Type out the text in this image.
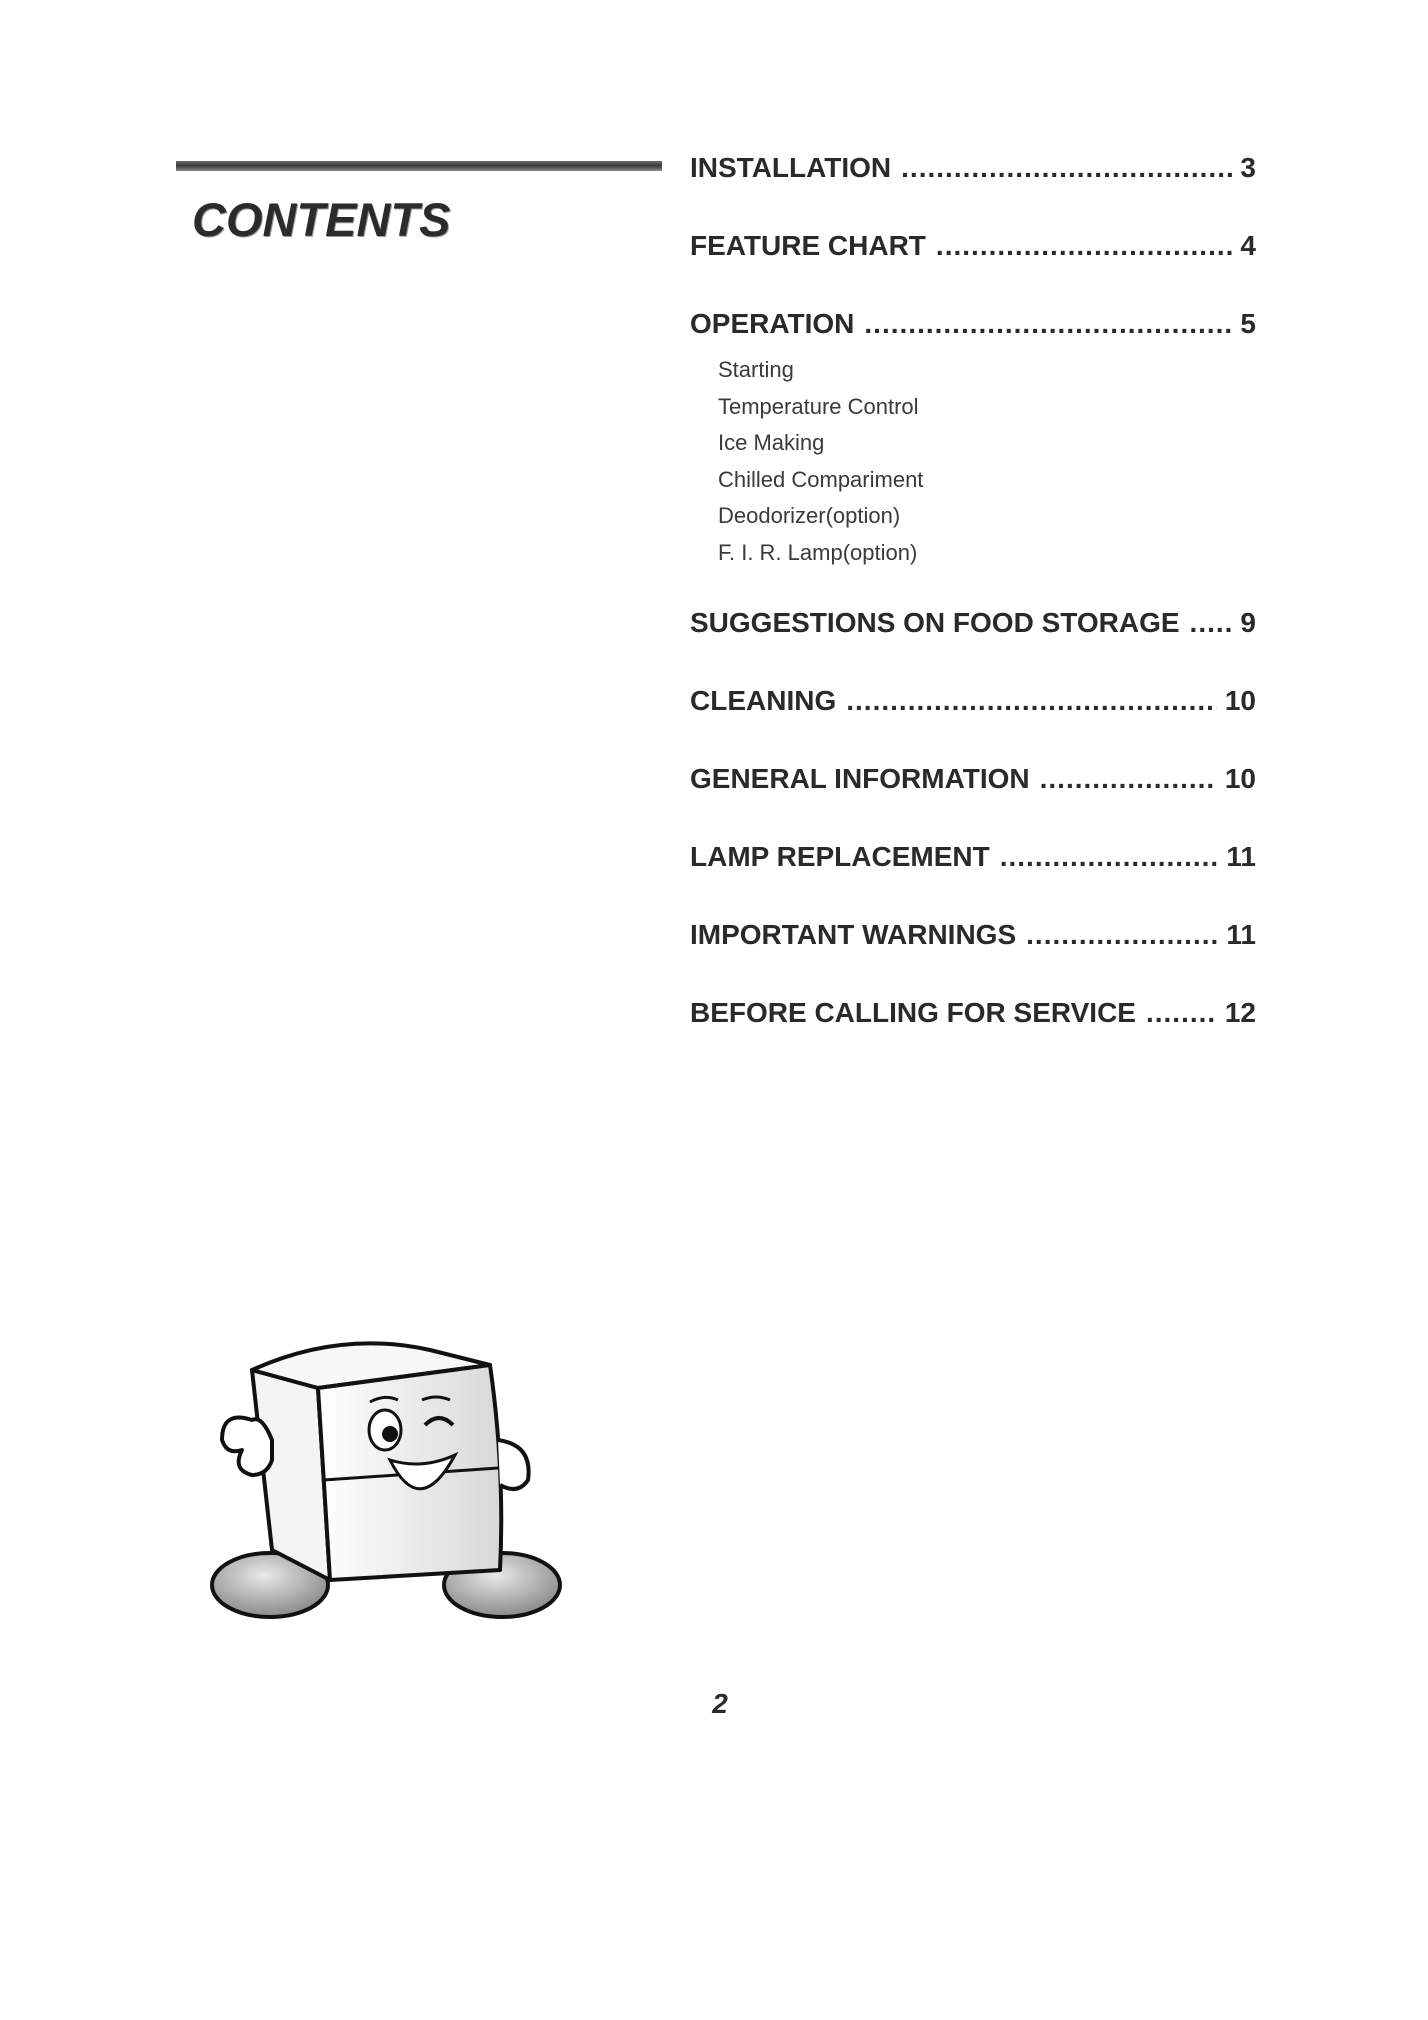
CONTENTS
INSTALLATION .....	3
FEATURE CHART .....	4
OPERATION .....	5
Starting
Temperature Control
Ice Making
Chilled Compariment
Deodorizer(option)
F. I. R. Lamp(option)
SUGGESTIONS ON FOOD STORAGE .....	9
CLEANING .....	10
GENERAL INFORMATION .....	10
LAMP REPLACEMENT .....	11
IMPORTANT WARNINGS .....	11
BEFORE CALLING FOR SERVICE .....	12
2
